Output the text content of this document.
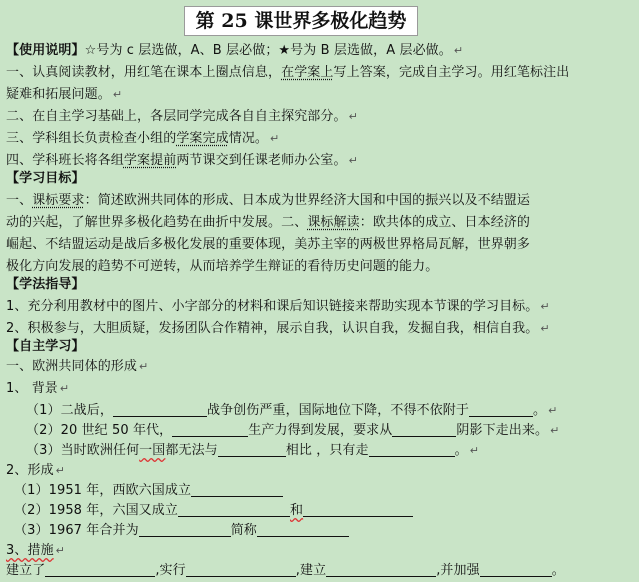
第 25 课世界多极化趋势
【使用说明】☆号为 c 层选做，A、B 层必做；★号为 B 层选做，A 层必做。 ↵
一、认真阅读教材，用红笔在课本上圈点信息，在学案上写上答案，完成自主学习。用红笔标注出
疑难和拓展问题。 ↵
二、在自主学习基础上，各层同学完成各自自主探究部分。 ↵
三、学科组长负责检查小组的学案完成情况。 ↵
四、学科班长将各组学案提前两节课交到任课老师办公室。 ↵
【学习目标】
一、课标要求：简述欧洲共同体的形成、日本成为世界经济大国和中国的振兴以及不结盟运
动的兴起，了解世界多极化趋势在曲折中发展。二、课标解读：欧共体的成立、日本经济的
崛起、不结盟运动是战后多极化发展的重要体现，美苏主宰的两极世界格局瓦解，世界朝多
极化方向发展的趋势不可逆转，从而培养学生辩证的看待历史问题的能力。
【学法指导】
1、充分利用教材中的图片、小字部分的材料和课后知识链接来帮助实现本节课的学习目标。 ↵
2、积极参与，大胆质疑，发扬团队合作精神，展示自我，认识自我，发掘自我，相信自我。 ↵
【自主学习】
一、欧洲共同体的形成 ↵
1、 背景 ↵
（1）二战后，	战争创伤严重，国际地位下降，不得不依附于	。 ↵
（2）20 世纪 50 年代，	生产力得到发展，要求从	阴影下走出来。 ↵
（3）当时欧洲任何一国都无法与	相比 ，只有走	。 ↵
2、形成 ↵
（1）1951 年，西欧六国成立
（2）1958 年，六国又成立	和
（3）1967 年合并为	简称
3、措施 ↵
建立了	,实行	,建立	,并加强	。
